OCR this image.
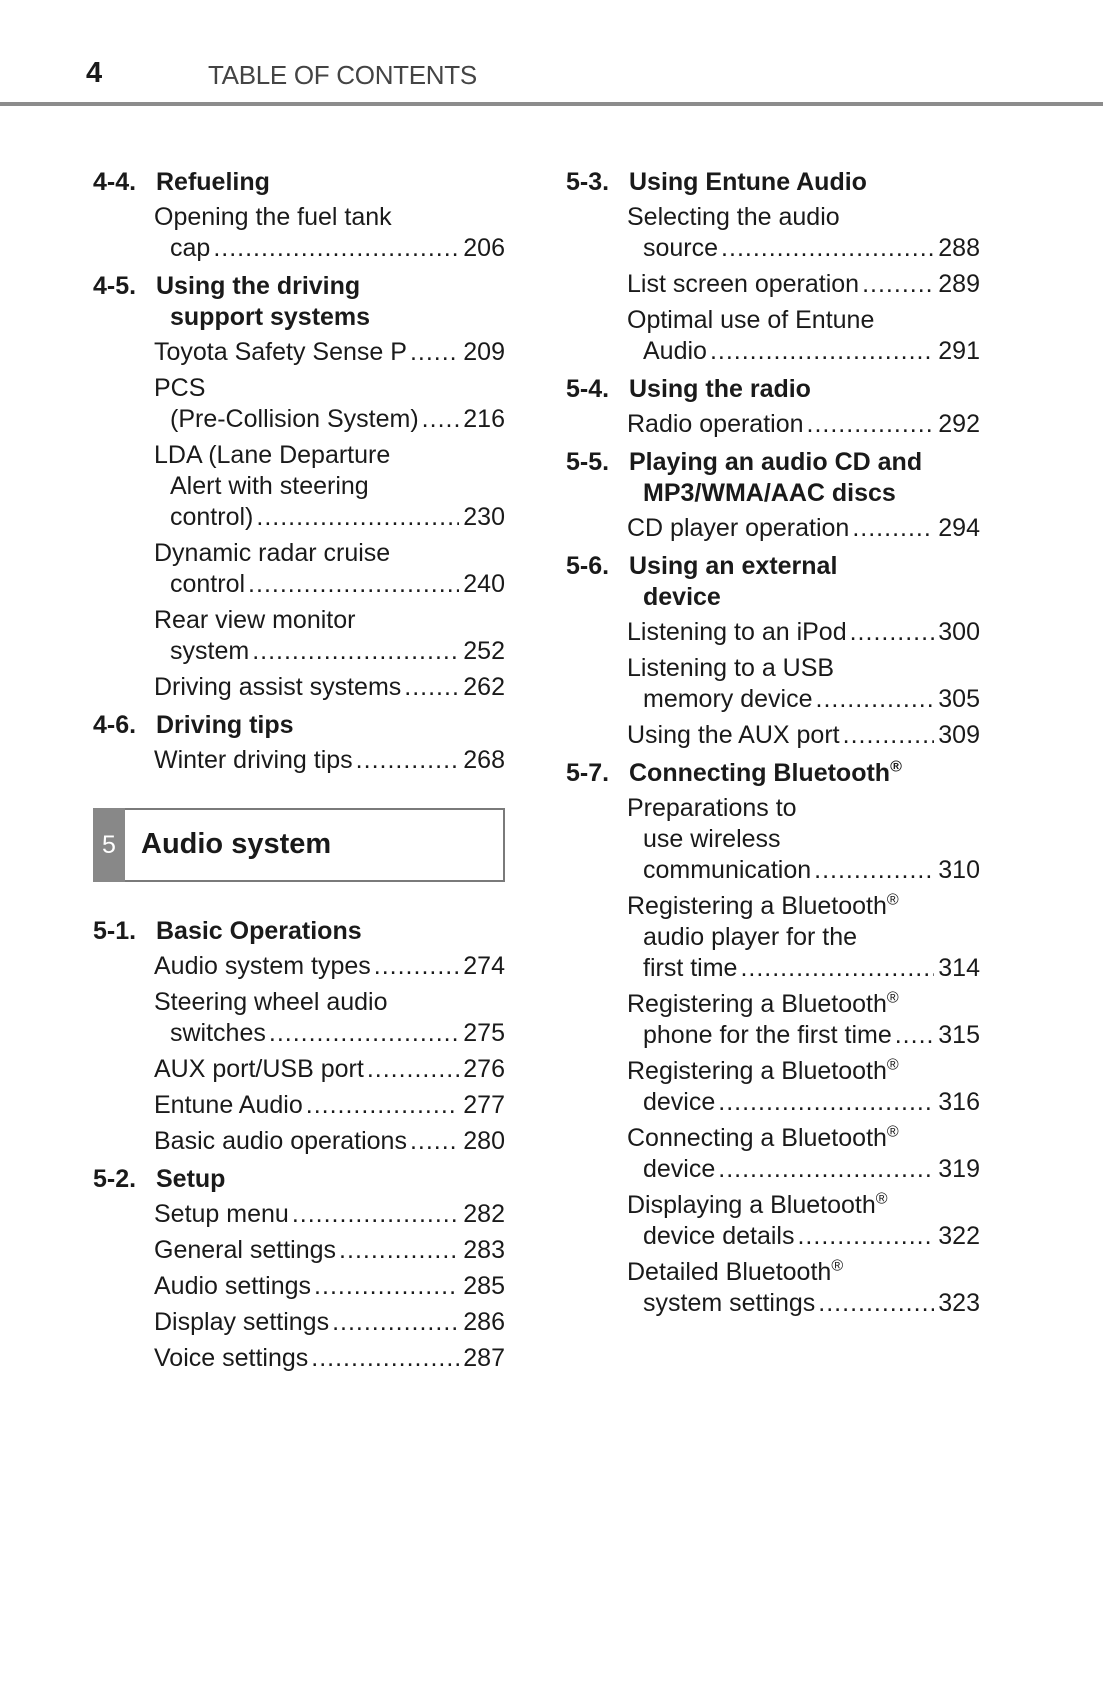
4	TABLE OF CONTENTS
4-4. Refueling
Opening the fuel tank
cap .....	206
4-5. Using the driving
support systems
Toyota Safety Sense P ..... 209
PCS
(Pre-Collision System) ..... 216
LDA (Lane Departure
Alert with steering
control) .....	230
Dynamic radar cruise
control .....	240
Rear view monitor
system .....	252
Driving assist systems ..... 262
4-6. Driving tips
Winter driving tips .....	268
5 Audio system
5-1. Basic Operations
Audio system types .....	274
Steering wheel audio
switches .....	275
AUX port/USB port .....	276
Entune Audio .....	277
Basic audio operations ..... 280
5-2. Setup
Setup menu .....	282
General settings .....	283
Audio settings .....	285
Display settings .....	286
Voice settings .....	287
5-3. Using Entune Audio
Selecting the audio
source .....	288
List screen operation .....	289
Optimal use of Entune
Audio .....	291
5-4. Using the radio
Radio operation .....	292
5-5. Playing an audio CD and
MP3/WMA/AAC discs
CD player operation .....	294
5-6. Using an external
device
Listening to an iPod .....	300
Listening to a USB
memory device .....	305
Using the AUX port .....	309
5-7. Connecting Bluetooth®
Preparations to
use wireless
communication .....	310
Registering a Bluetooth®
audio player for the
first time .....	314
Registering a Bluetooth®
phone for the first time ..... 315
Registering a Bluetooth®
device .....	316
Connecting a Bluetooth®
device .....	319
Displaying a Bluetooth®
device details .....	322
Detailed Bluetooth®
system settings .....	323
